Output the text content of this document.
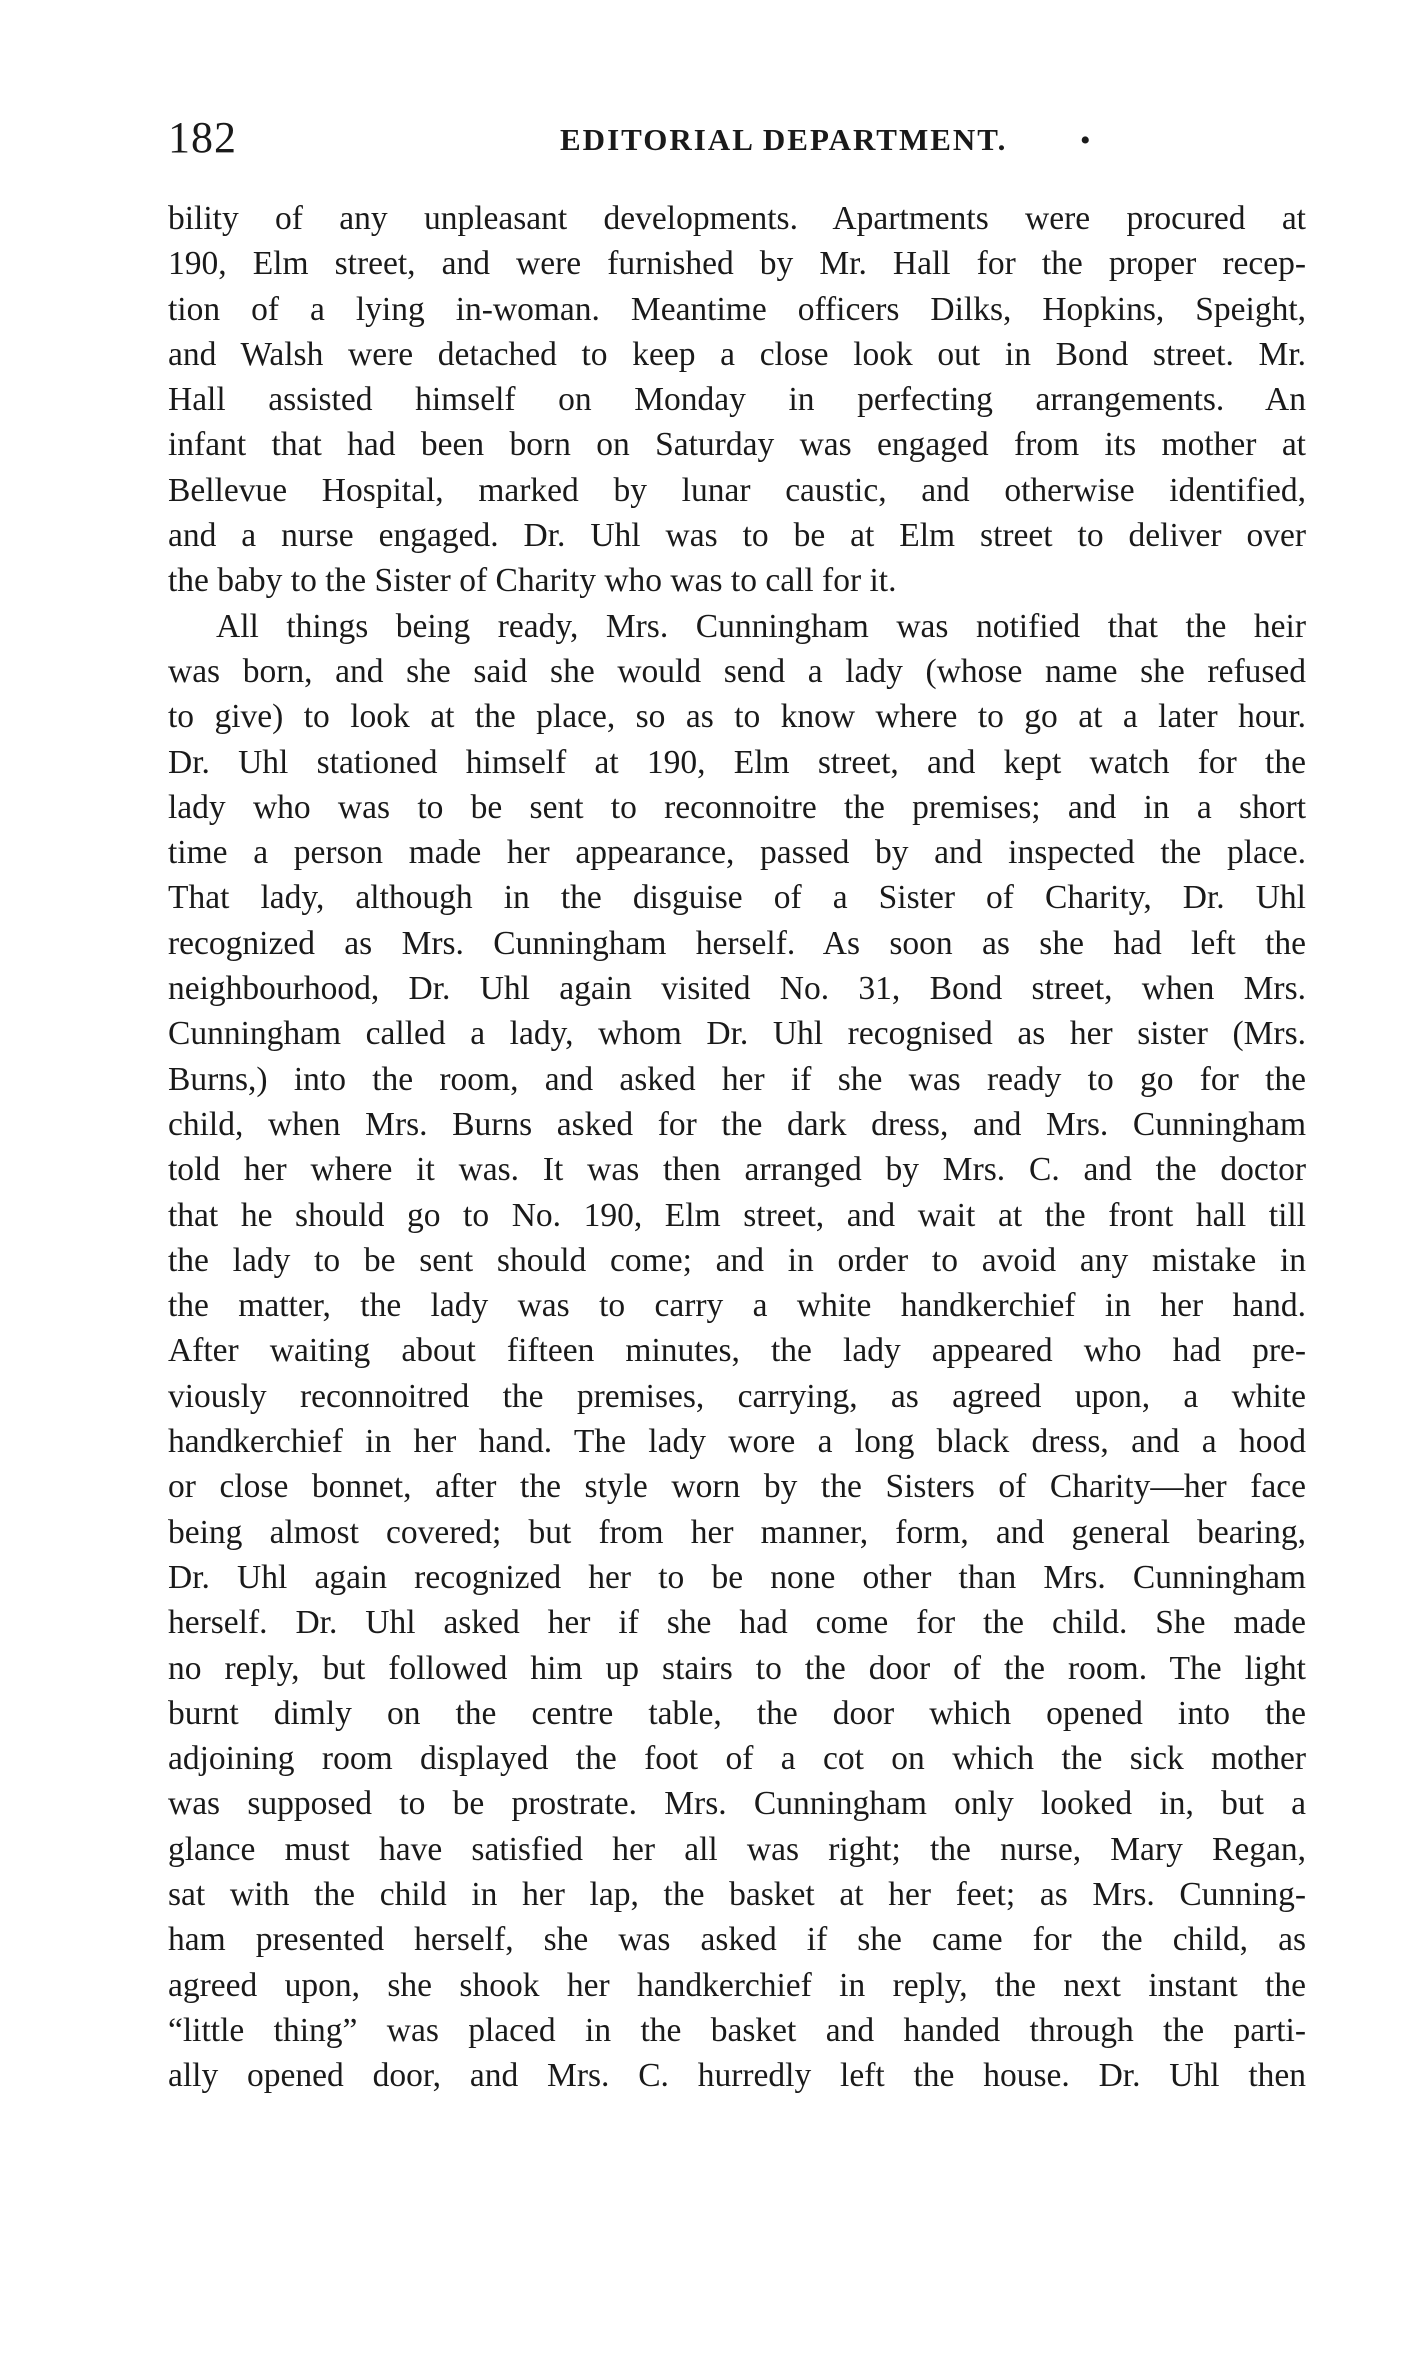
182	EDITORIAL DEPARTMENT. •
bility of any unpleasant developments. Apartments were procured at
190, Elm street, and were furnished by Mr. Hall for the proper recep-
tion of a lying in-woman. Meantime officers Dilks, Hopkins, Speight,
and Walsh were detached to keep a close look out in Bond street. Mr.
Hall assisted himself on Monday in perfecting arrangements. An
infant that had been born on Saturday was engaged from its mother at
Bellevue Hospital, marked by lunar caustic, and otherwise identified,
and a nurse engaged. Dr. Uhl was to be at Elm street to deliver over
the baby to the Sister of Charity who was to call for it.
All things being ready, Mrs. Cunningham was notified that the heir
was born, and she said she would send a lady (whose name she refused
to give) to look at the place, so as to know where to go at a later hour.
Dr. Uhl stationed himself at 190, Elm street, and kept watch for the
lady who was to be sent to reconnoitre the premises; and in a short
time a person made her appearance, passed by and inspected the place.
That lady, although in the disguise of a Sister of Charity, Dr. Uhl
recognized as Mrs. Cunningham herself. As soon as she had left the
neighbourhood, Dr. Uhl again visited No. 31, Bond street, when Mrs.
Cunningham called a lady, whom Dr. Uhl recognised as her sister (Mrs.
Burns,) into the room, and asked her if she was ready to go for the
child, when Mrs. Burns asked for the dark dress, and Mrs. Cunningham
told her where it was. It was then arranged by Mrs. C. and the doctor
that he should go to No. 190, Elm street, and wait at the front hall till
the lady to be sent should come; and in order to avoid any mistake in
the matter, the lady was to carry a white handkerchief in her hand.
After waiting about fifteen minutes, the lady appeared who had pre-
viously reconnoitred the premises, carrying, as agreed upon, a white
handkerchief in her hand. The lady wore a long black dress, and a hood
or close bonnet, after the style worn by the Sisters of Charity—her face
being almost covered; but from her manner, form, and general bearing,
Dr. Uhl again recognized her to be none other than Mrs. Cunningham
herself. Dr. Uhl asked her if she had come for the child. She made
no reply, but followed him up stairs to the door of the room. The light
burnt dimly on the centre table, the door which opened into the
adjoining room displayed the foot of a cot on which the sick mother
was supposed to be prostrate. Mrs. Cunningham only looked in, but a
glance must have satisfied her all was right; the nurse, Mary Regan,
sat with the child in her lap, the basket at her feet; as Mrs. Cunning-
ham presented herself, she was asked if she came for the child, as
agreed upon, she shook her handkerchief in reply, the next instant the
“little thing” was placed in the basket and handed through the parti-
ally opened door, and Mrs. C. hurredly left the house. Dr. Uhl then
